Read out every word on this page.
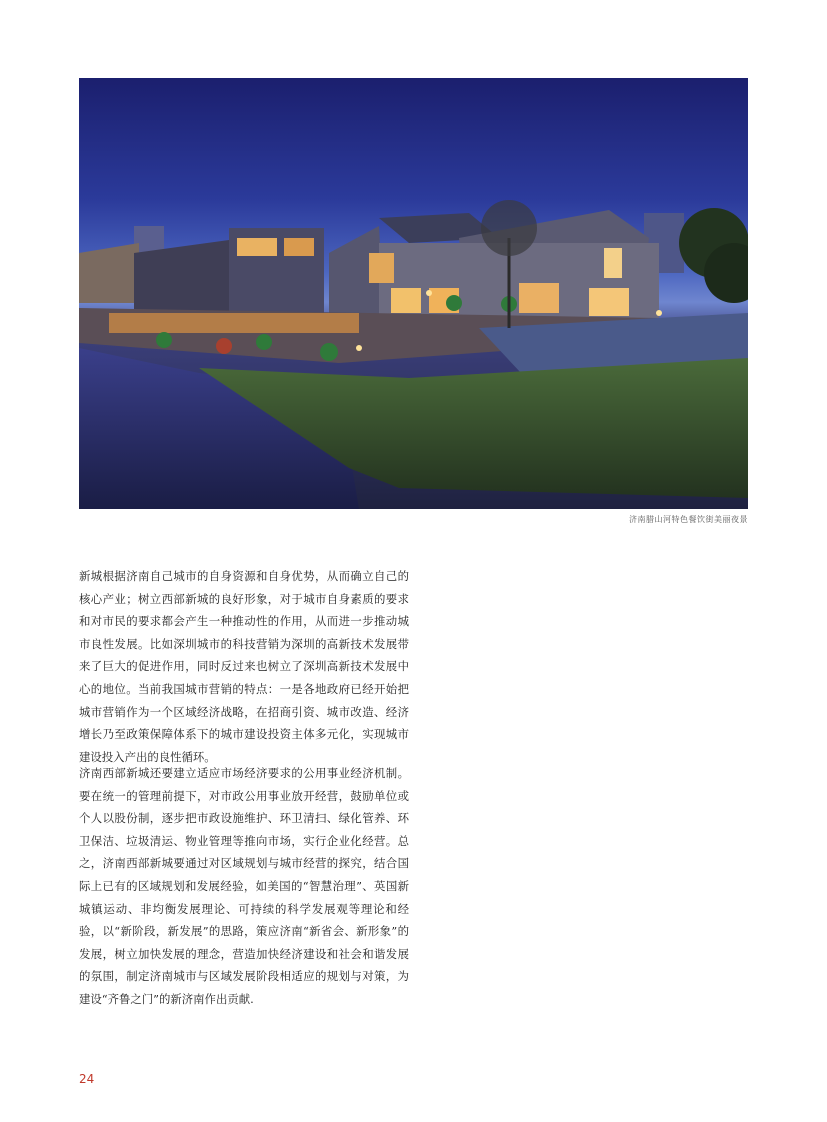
济南腊山河特色餐饮街美丽夜景

新城根据济南自己城市的自身资源和自身优势，从而确立自己的核心产业；树立西部新城的良好形象，对于城市自身素质的要求和对市民的要求都会产生一种推动性的作用，从而进一步推动城市良性发展。比如深圳城市的科技营销为深圳的高新技术发展带来了巨大的促进作用，同时反过来也树立了深圳高新技术发展中心的地位。当前我国城市营销的特点：一是各地政府已经开始把城市营销作为一个区域经济战略，在招商引资、城市改造、经济增长乃至政策保障体系下的城市建设投资主体多元化，实现城市建设投入产出的良性循环。

济南西部新城还要建立适应市场经济要求的公用事业经济机制。要在统一的管理前提下，对市政公用事业放开经营，鼓励单位或个人以股份制，逐步把市政设施维护、环卫清扫、绿化管养、环卫保洁、垃圾清运、物业管理等推向市场，实行企业化经营。总之，济南西部新城要通过对区域规划与城市经营的探究，结合国际上已有的区域规划和发展经验，如美国的“智慧治理”、英国新城镇运动、非均衡发展理论、可持续的科学发展观等理论和经验，以“新阶段，新发展”的思路，策应济南“新省会、新形象”的发展，树立加快发展的理念，营造加快经济建设和社会和谐发展的氛围，制定济南城市与区域发展阶段相适应的规划与对策，为建设“齐鲁之门”的新济南作出贡献.

24
